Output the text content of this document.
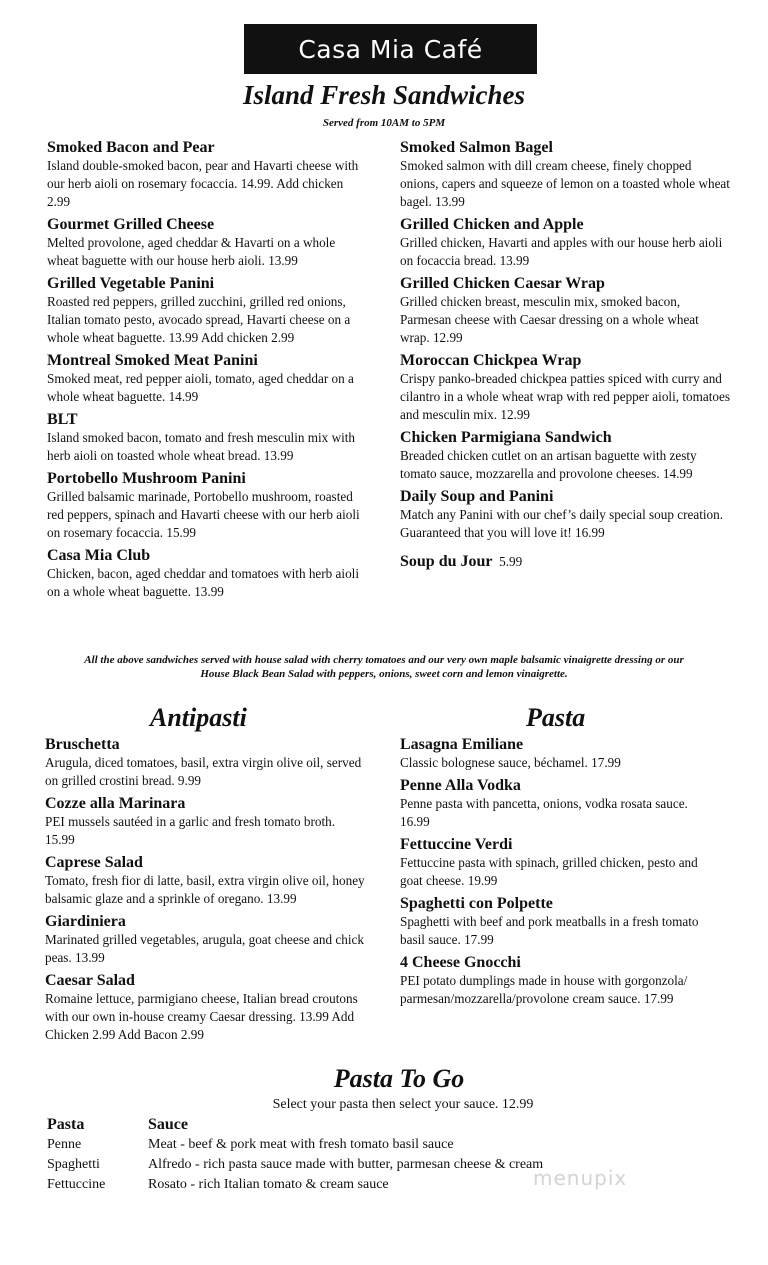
Casa Mia Café
Island Fresh Sandwiches
Served from 10AM to 5PM
Smoked Bacon and Pear
Island double-smoked bacon, pear and Havarti cheese with our herb aioli on rosemary focaccia. 14.99. Add chicken 2.99
Gourmet Grilled Cheese
Melted provolone, aged cheddar & Havarti on a whole wheat baguette with our house herb aioli. 13.99
Grilled Vegetable Panini
Roasted red peppers, grilled zucchini, grilled red onions, Italian tomato pesto, avocado spread, Havarti cheese on a whole wheat baguette. 13.99 Add chicken 2.99
Montreal Smoked Meat Panini
Smoked meat, red pepper aioli, tomato, aged cheddar on a whole wheat baguette. 14.99
BLT
Island smoked bacon, tomato and fresh mesculin mix with herb aioli on toasted whole wheat bread. 13.99
Portobello Mushroom Panini
Grilled balsamic marinade, Portobello mushroom, roasted red peppers, spinach and Havarti cheese with our herb aioli on rosemary focaccia. 15.99
Casa Mia Club
Chicken, bacon, aged cheddar and tomatoes with herb aioli on a whole wheat baguette. 13.99
Smoked Salmon Bagel
Smoked salmon with dill cream cheese, finely chopped onions, capers and squeeze of lemon on a toasted whole wheat bagel. 13.99
Grilled Chicken and Apple
Grilled chicken, Havarti and apples with our house herb aioli on focaccia bread. 13.99
Grilled Chicken Caesar Wrap
Grilled chicken breast, mesculin mix, smoked bacon, Parmesan cheese with Caesar dressing on a whole wheat wrap. 12.99
Moroccan Chickpea Wrap
Crispy panko-breaded chickpea patties spiced with curry and cilantro in a whole wheat wrap with red pepper aioli, tomatoes and mesculin mix. 12.99
Chicken Parmigiana Sandwich
Breaded chicken cutlet on an artisan baguette with zesty tomato sauce, mozzarella and provolone cheeses. 14.99
Daily Soup and Panini
Match any Panini with our chef’s daily special soup creation. Guaranteed that you will love it! 16.99
Soup du Jour 5.99
All the above sandwiches served with house salad with cherry tomatoes and our very own maple balsamic vinaigrette dressing or our House Black Bean Salad with peppers, onions, sweet corn and lemon vinaigrette.
Antipasti	Pasta
Bruschetta
Arugula, diced tomatoes, basil, extra virgin olive oil, served on grilled crostini bread. 9.99
Cozze alla Marinara
PEI mussels sautéed in a garlic and fresh tomato broth. 15.99
Caprese Salad
Tomato, fresh fior di latte, basil, extra virgin olive oil, honey balsamic glaze and a sprinkle of oregano. 13.99
Giardiniera
Marinated grilled vegetables, arugula, goat cheese and chick peas. 13.99
Caesar Salad
Romaine lettuce, parmigiano cheese, Italian bread croutons with our own in-house creamy Caesar dressing. 13.99 Add Chicken 2.99 Add Bacon 2.99
Lasagna Emiliane
Classic bolognese sauce, béchamel. 17.99
Penne Alla Vodka
Penne pasta with pancetta, onions, vodka rosata sauce. 16.99
Fettuccine Verdi
Fettuccine pasta with spinach, grilled chicken, pesto and goat cheese. 19.99
Spaghetti con Polpette
Spaghetti with beef and pork meatballs in a fresh tomato basil sauce. 17.99
4 Cheese Gnocchi
PEI potato dumplings made in house with gorgonzola/ parmesan/mozzarella/provolone cream sauce. 17.99
Pasta To Go
Select your pasta then select your sauce. 12.99
Pasta	Sauce
Penne	Meat - beef & pork meat with fresh tomato basil sauce
Spaghetti	Alfredo - rich pasta sauce made with butter, parmesan cheese & cream
Fettuccine	Rosato - rich Italian tomato & cream sauce	menupix
